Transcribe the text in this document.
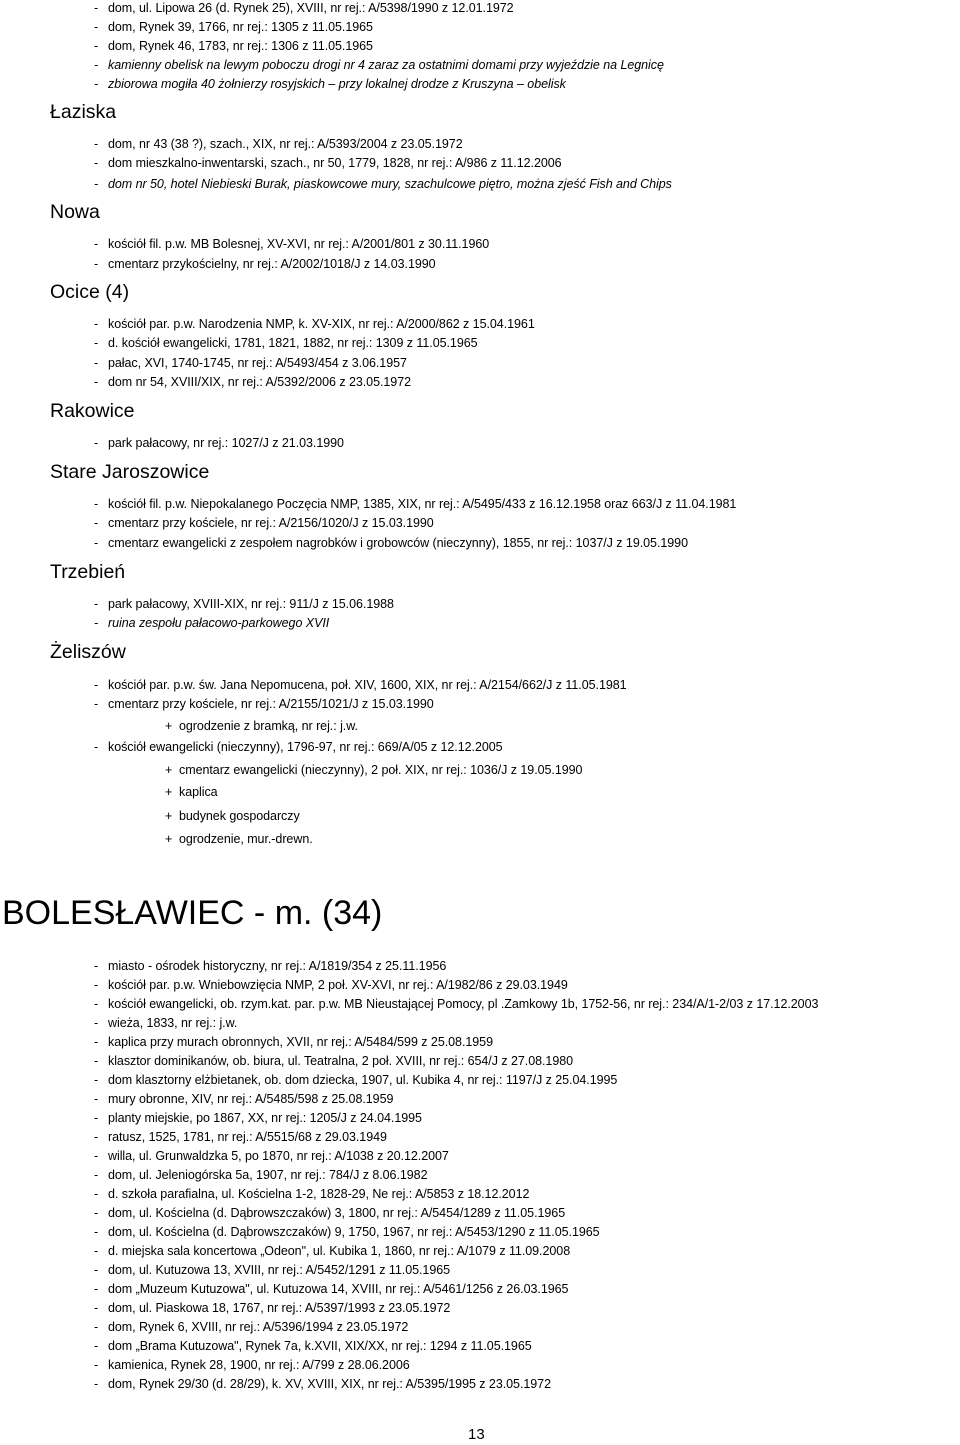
- dom, ul. Lipowa 26 (d. Rynek 25), XVIII, nr rej.: A/5398/1990 z 12.01.1972
- dom, Rynek 39, 1766, nr rej.: 1305 z 11.05.1965
- dom, Rynek 46, 1783, nr rej.: 1306 z 11.05.1965
- kamienny obelisk na lewym poboczu drogi nr 4 zaraz za ostatnimi domami przy wyjeździe na Legnicę
- zbiorowa mogiła 40 żołnierzy rosyjskich – przy lokalnej drodze z Kruszyna – obelisk
Łaziska
- dom, nr 43 (38 ?), szach., XIX, nr rej.: A/5393/2004 z 23.05.1972
- dom mieszkalno-inwentarski, szach., nr 50, 1779, 1828, nr rej.: A/986 z 11.12.2006
- dom nr 50, hotel Niebieski Burak, piaskowcowe mury, szachulcowe piętro, można zjeść Fish and Chips
Nowa
- kościół fil. p.w. MB Bolesnej, XV-XVI, nr rej.: A/2001/801 z 30.11.1960
- cmentarz przykościelny, nr rej.: A/2002/1018/J z 14.03.1990
Ocice (4)
- kościół par. p.w. Narodzenia NMP, k. XV-XIX, nr rej.: A/2000/862 z 15.04.1961
- d. kościół ewangelicki, 1781, 1821, 1882, nr rej.: 1309 z 11.05.1965
- pałac, XVI, 1740-1745, nr rej.: A/5493/454 z 3.06.1957
- dom nr 54, XVIII/XIX, nr rej.: A/5392/2006 z 23.05.1972
Rakowice
- park pałacowy, nr rej.: 1027/J z 21.03.1990
Stare Jaroszowice
- kościół fil. p.w. Niepokalanego Poczęcia NMP, 1385, XIX, nr rej.: A/5495/433 z 16.12.1958 oraz 663/J z 11.04.1981
- cmentarz przy kościele, nr rej.: A/2156/1020/J z 15.03.1990
- cmentarz ewangelicki z zespołem nagrobków i grobowców (nieczynny), 1855, nr rej.: 1037/J z 19.05.1990
Trzebień
- park pałacowy, XVIII-XIX, nr rej.: 911/J z 15.06.1988
- ruina zespołu pałacowo-parkowego XVII
Żeliszów
- kościół par. p.w. św. Jana Nepomucena, poł. XIV, 1600, XIX, nr rej.: A/2154/662/J z 11.05.1981
- cmentarz przy kościele, nr rej.: A/2155/1021/J z 15.03.1990
+ ogrodzenie z bramką, nr rej.: j.w.
- kościół ewangelicki (nieczynny), 1796-97, nr rej.: 669/A/05 z 12.12.2005
+ cmentarz ewangelicki (nieczynny), 2 poł. XIX, nr rej.: 1036/J z 19.05.1990
+ kaplica
+ budynek gospodarczy
+ ogrodzenie, mur.-drewn.
BOLESŁAWIEC - m. (34)
- miasto - ośrodek historyczny, nr rej.: A/1819/354 z 25.11.1956
- kościół par. p.w. Wniebowzięcia NMP, 2 poł. XV-XVI, nr rej.: A/1982/86 z 29.03.1949
- kościół ewangelicki, ob. rzym.kat. par. p.w. MB Nieustającej Pomocy, pl .Zamkowy 1b, 1752-56, nr rej.: 234/A/1-2/03 z 17.12.2003
- wieża, 1833, nr rej.: j.w.
- kaplica przy murach obronnych, XVII, nr rej.: A/5484/599 z 25.08.1959
- klasztor dominikanów, ob. biura, ul. Teatralna, 2 poł. XVIII, nr rej.: 654/J z 27.08.1980
- dom klasztorny elżbietanek, ob. dom dziecka, 1907, ul. Kubika 4, nr rej.: 1197/J z 25.04.1995
- mury obronne, XIV, nr rej.: A/5485/598 z 25.08.1959
- planty miejskie, po 1867, XX, nr rej.: 1205/J z 24.04.1995
- ratusz, 1525, 1781, nr rej.: A/5515/68 z 29.03.1949
- willa, ul. Grunwaldzka 5, po 1870, nr rej.: A/1038 z 20.12.2007
- dom, ul. Jeleniogórska 5a, 1907, nr rej.: 784/J z 8.06.1982
- d. szkoła parafialna, ul. Kościelna 1-2, 1828-29, Ne rej.: A/5853 z 18.12.2012
- dom, ul. Kościelna (d. Dąbrowszczaków) 3, 1800, nr rej.: A/5454/1289 z 11.05.1965
- dom, ul. Kościelna (d. Dąbrowszczaków) 9, 1750, 1967, nr rej.: A/5453/1290 z 11.05.1965
- d. miejska sala koncertowa „Odeon", ul. Kubika 1, 1860, nr rej.: A/1079 z 11.09.2008
- dom, ul. Kutuzowa 13, XVIII, nr rej.: A/5452/1291 z 11.05.1965
- dom „Muzeum Kutuzowa", ul. Kutuzowa 14, XVIII, nr rej.: A/5461/1256 z 26.03.1965
- dom, ul. Piaskowa 18, 1767, nr rej.: A/5397/1993 z 23.05.1972
- dom, Rynek 6, XVIII, nr rej.: A/5396/1994 z 23.05.1972
- dom „Brama Kutuzowa", Rynek 7a, k.XVII, XIX/XX, nr rej.: 1294 z 11.05.1965
- kamienica, Rynek 28, 1900, nr rej.: A/799 z 28.06.2006
- dom, Rynek 29/30 (d. 28/29), k. XV, XVIII, XIX, nr rej.: A/5395/1995 z 23.05.1972
13
